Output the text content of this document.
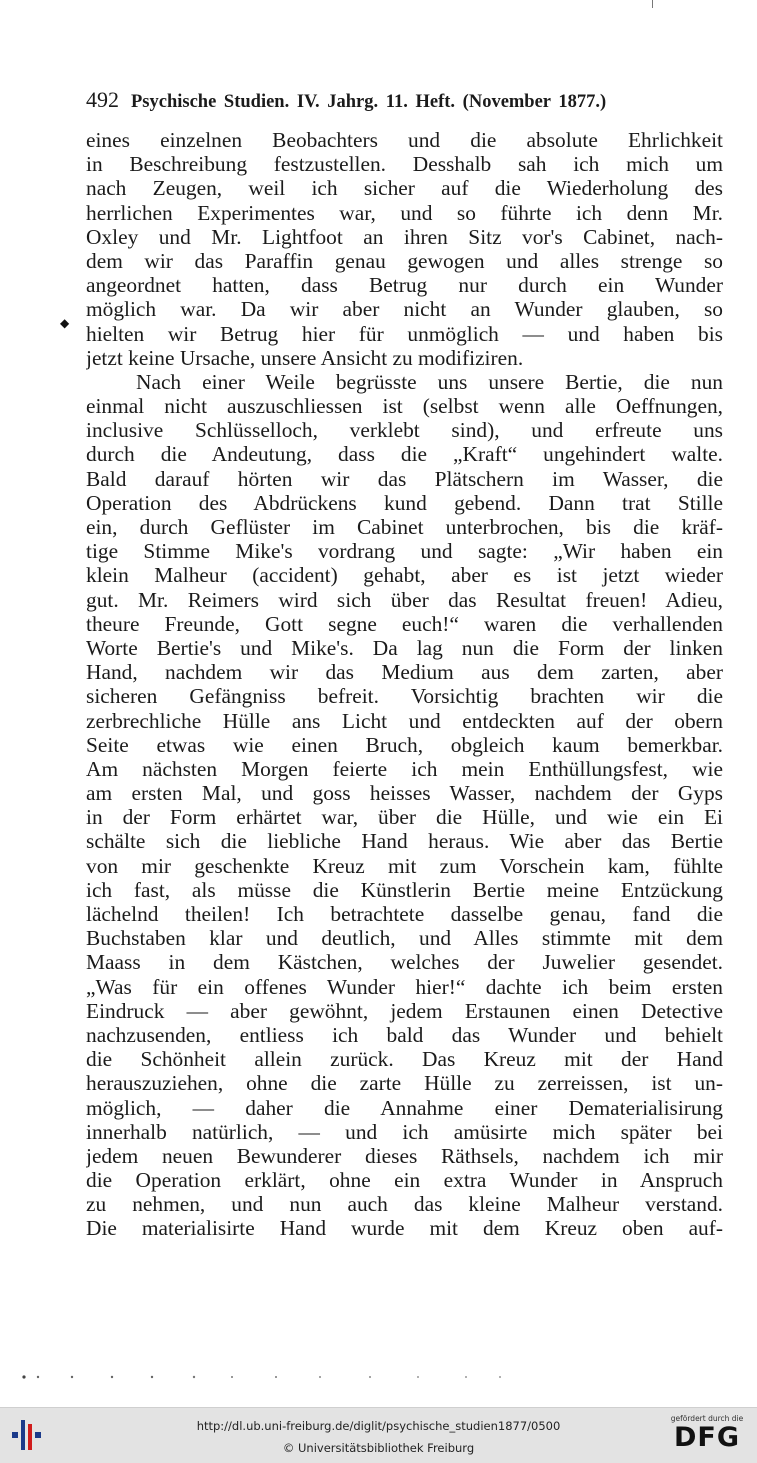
492 Psychische Studien. IV. Jahrg. 11. Heft. (November 1877.)
◆
eines einzelnen Beobachters und die absolute Ehrlichkeit
in Beschreibung festzustellen. Desshalb sah ich mich um
nach Zeugen, weil ich sicher auf die Wiederholung des
herrlichen Experimentes war, und so führte ich denn Mr.
Oxley und Mr. Lightfoot an ihren Sitz vor's Cabinet, nach-
dem wir das Paraffin genau gewogen und alles strenge so
angeordnet hatten, dass Betrug nur durch ein Wunder
möglich war. Da wir aber nicht an Wunder glauben, so
hielten wir Betrug hier für unmöglich — und haben bis
jetzt keine Ursache, unsere Ansicht zu modifiziren.
Nach einer Weile begrüsste uns unsere Bertie, die nun
einmal nicht auszuschliessen ist (selbst wenn alle Oeffnungen,
inclusive Schlüsselloch, verklebt sind), und erfreute uns
durch die Andeutung, dass die „Kraft“ ungehindert walte.
Bald darauf hörten wir das Plätschern im Wasser, die
Operation des Abdrückens kund gebend. Dann trat Stille
ein, durch Geflüster im Cabinet unterbrochen, bis die kräf-
tige Stimme Mike's vordrang und sagte: „Wir haben ein
klein Malheur (accident) gehabt, aber es ist jetzt wieder
gut. Mr. Reimers wird sich über das Resultat freuen! Adieu,
theure Freunde, Gott segne euch!“ waren die verhallenden
Worte Bertie's und Mike's. Da lag nun die Form der linken
Hand, nachdem wir das Medium aus dem zarten, aber
sicheren Gefängniss befreit. Vorsichtig brachten wir die
zerbrechliche Hülle ans Licht und entdeckten auf der obern
Seite etwas wie einen Bruch, obgleich kaum bemerkbar.
Am nächsten Morgen feierte ich mein Enthüllungsfest, wie
am ersten Mal, und goss heisses Wasser, nachdem der Gyps
in der Form erhärtet war, über die Hülle, und wie ein Ei
schälte sich die liebliche Hand heraus. Wie aber das Bertie
von mir geschenkte Kreuz mit zum Vorschein kam, fühlte
ich fast, als müsse die Künstlerin Bertie meine Entzückung
lächelnd theilen! Ich betrachtete dasselbe genau, fand die
Buchstaben klar und deutlich, und Alles stimmte mit dem
Maass in dem Kästchen, welches der Juwelier gesendet.
„Was für ein offenes Wunder hier!“ dachte ich beim ersten
Eindruck — aber gewöhnt, jedem Erstaunen einen Detective
nachzusenden, entliess ich bald das Wunder und behielt
die Schönheit allein zurück. Das Kreuz mit der Hand
herauszuziehen, ohne die zarte Hülle zu zerreissen, ist un-
möglich, — daher die Annahme einer Dematerialisirung
innerhalb natürlich, — und ich amüsirte mich später bei
jedem neuen Bewunderer dieses Räthsels, nachdem ich mir
die Operation erklärt, ohne ein extra Wunder in Anspruch
zu nehmen, und nun auch das kleine Malheur verstand.
Die materialisirte Hand wurde mit dem Kreuz oben auf-
http://dl.ub.uni-freiburg.de/diglit/psychische_studien1877/0500
© Universitätsbibliothek Freiburg
gefördert durch die
DFG
